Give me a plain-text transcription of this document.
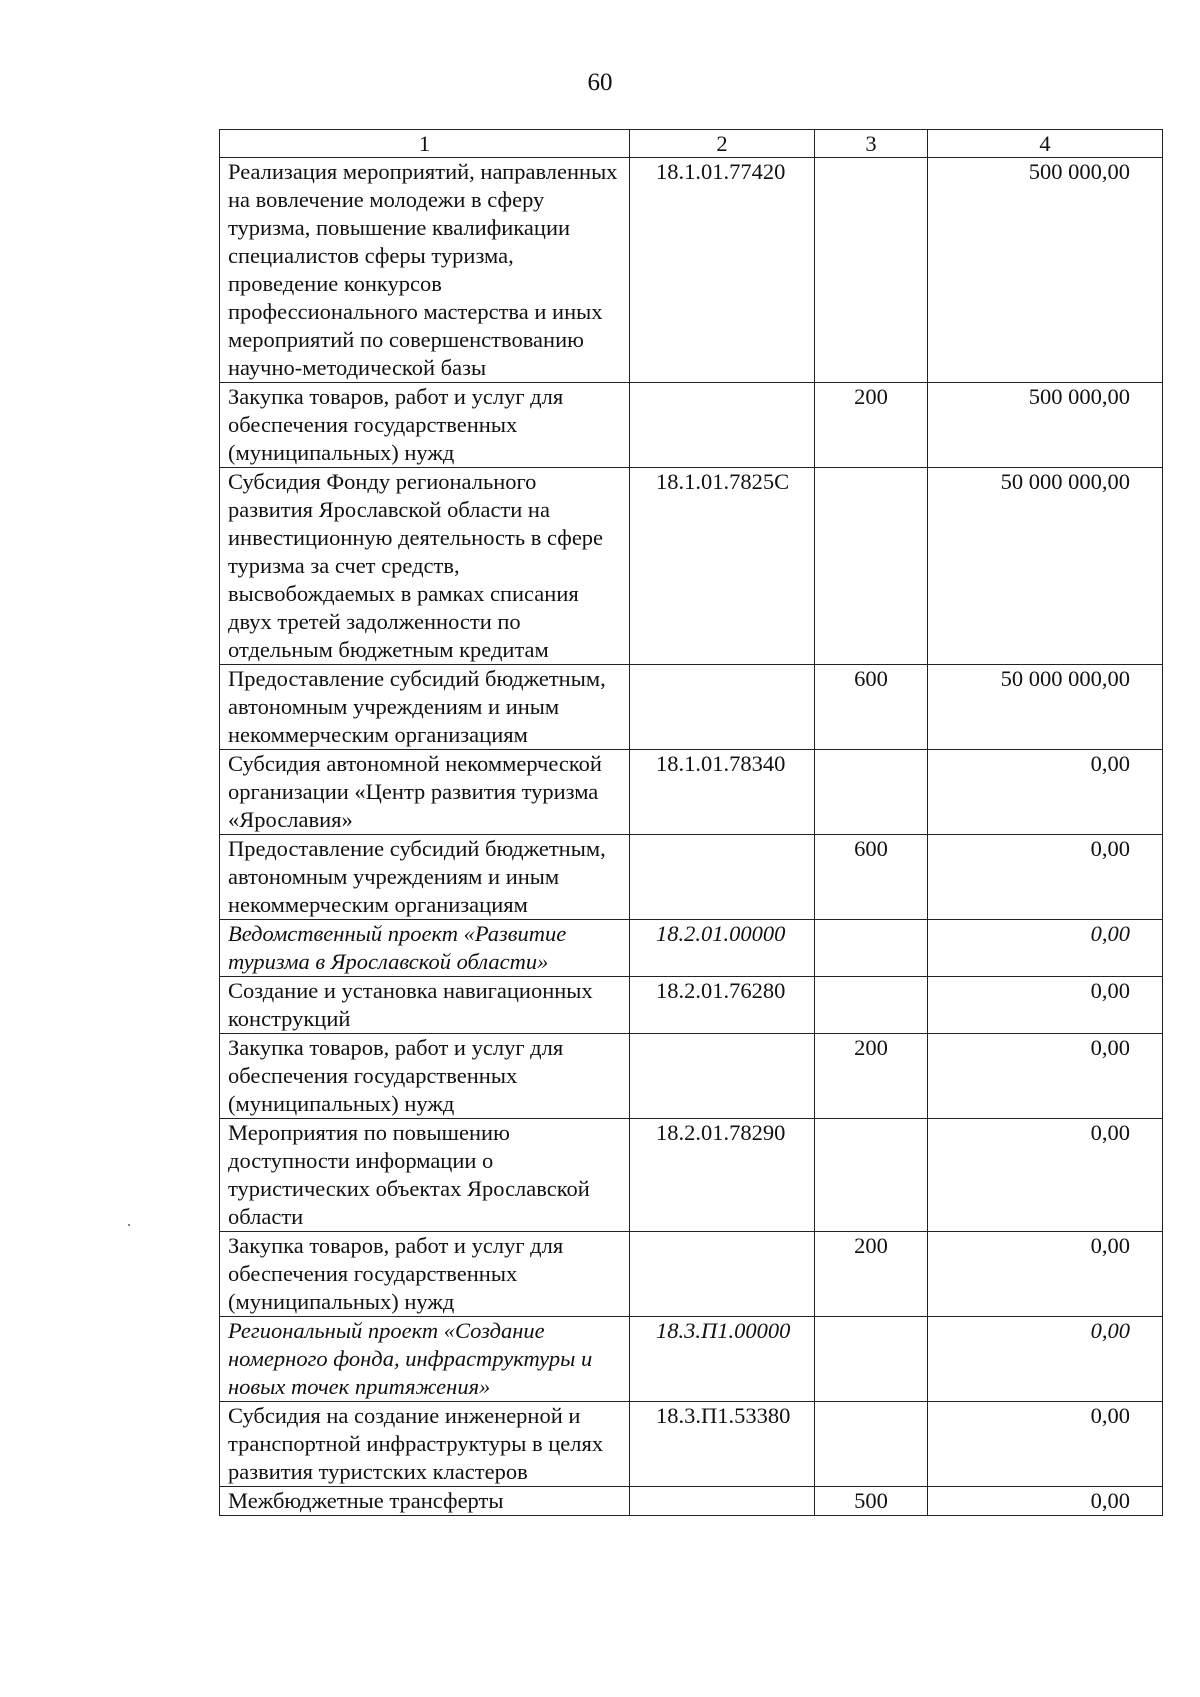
60
1	2	3	4
Реализация мероприятий, направленных на вовлечение молодежи в сферу туризма, повышение квалификации специалистов сферы туризма, проведение конкурсов профессионального мастерства и иных мероприятий по совершенствованию научно-методической базы	18.1.01.77420		500 000,00
Закупка товаров, работ и услуг для обеспечения государственных (муниципальных) нужд		200	500 000,00
Субсидия Фонду регионального развития Ярославской области на инвестиционную деятельность в сфере туризма за счет средств, высвобождаемых в рамках списания двух третей задолженности по отдельным бюджетным кредитам	18.1.01.7825С		50 000 000,00
Предоставление субсидий бюджетным, автономным учреждениям и иным некоммерческим организациям		600	50 000 000,00
Субсидия автономной некоммерческой организации «Центр развития туризма «Ярославия»	18.1.01.78340		0,00
Предоставление субсидий бюджетным, автономным учреждениям и иным некоммерческим организациям		600	0,00
Ведомственный проект «Развитие туризма в Ярославской области»	18.2.01.00000		0,00
Создание и установка навигационных конструкций	18.2.01.76280		0,00
Закупка товаров, работ и услуг для обеспечения государственных (муниципальных) нужд		200	0,00
Мероприятия по повышению доступности информации о туристических объектах Ярославской области	18.2.01.78290		0,00
Закупка товаров, работ и услуг для обеспечения государственных (муниципальных) нужд		200	0,00
Региональный проект «Создание номерного фонда, инфраструктуры и новых точек притяжения»	18.3.П1.00000		0,00
Субсидия на создание инженерной и транспортной инфраструктуры в целях развития туристских кластеров	18.3.П1.53380		0,00
Межбюджетные трансферты		500	0,00
